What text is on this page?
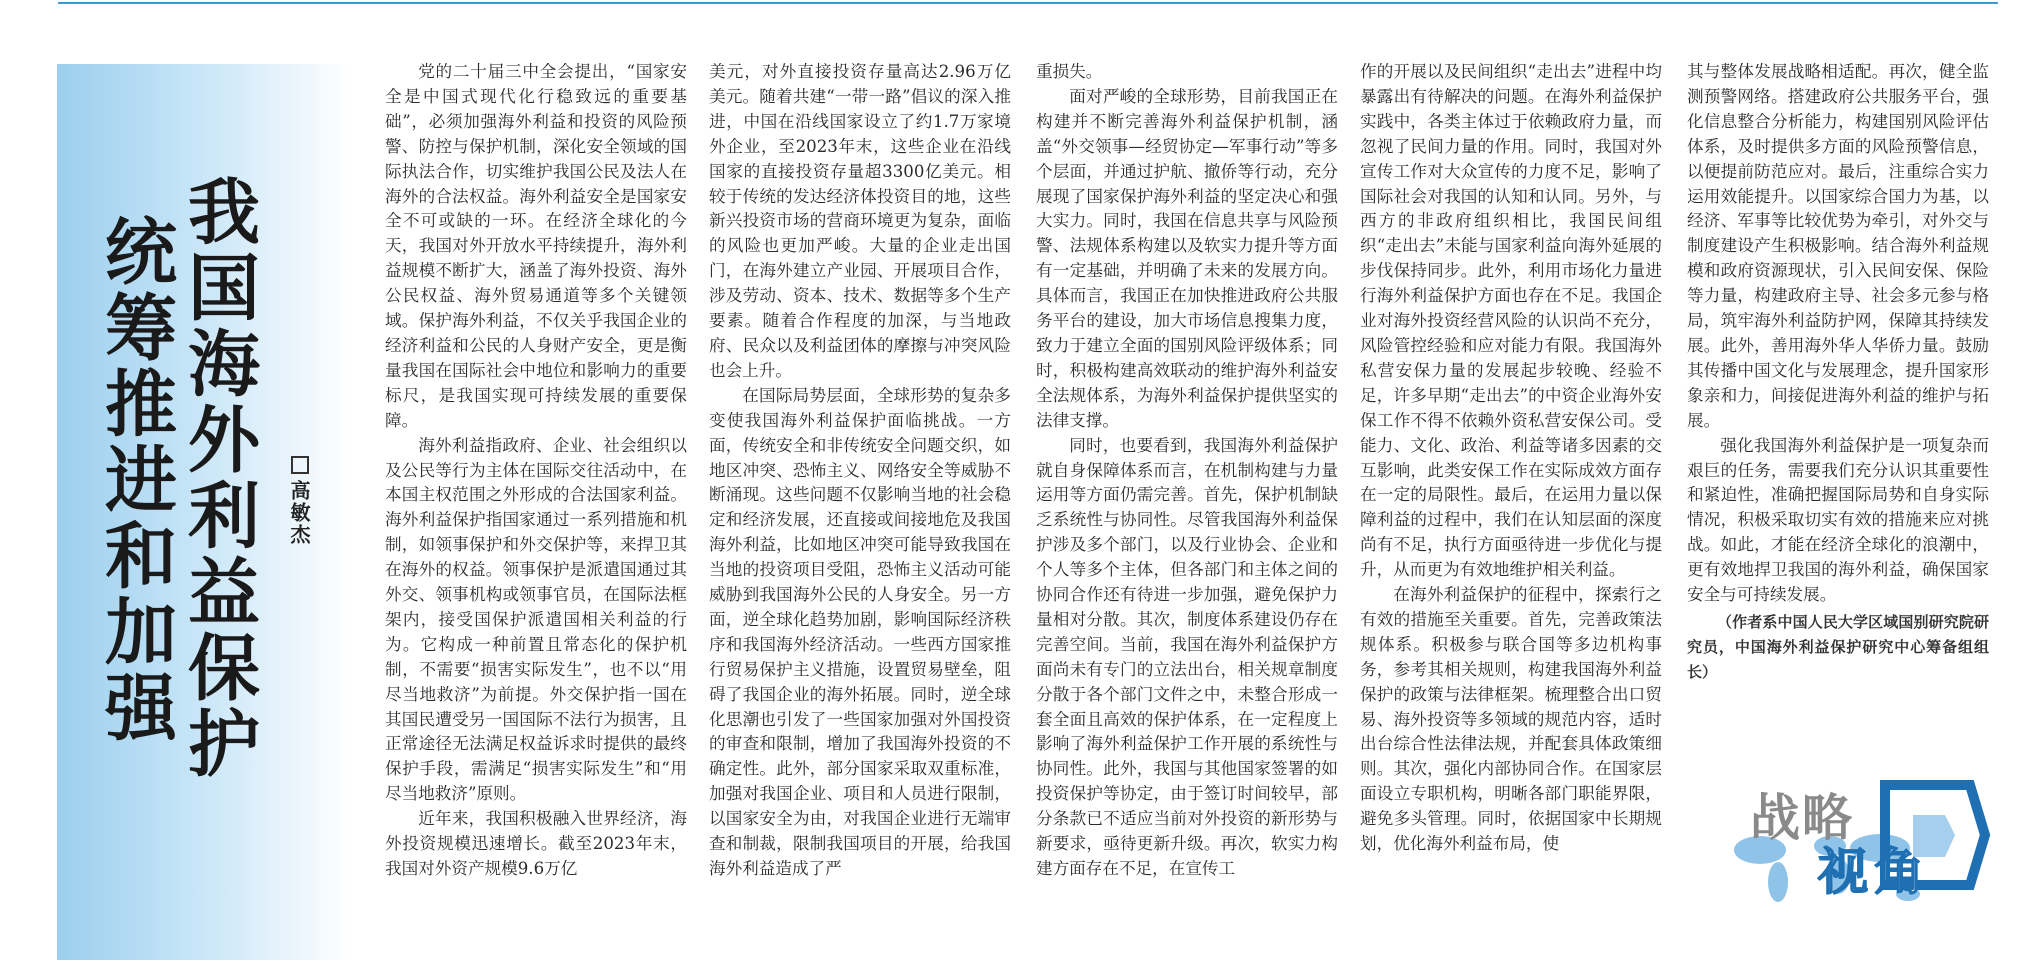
我国海外利益保护
统筹推进和加强	高敏杰

党的二十届三中全会提出，“国家安全是中国式现代化行稳致远的重要基础”，必须加强海外利益和投资的风险预警、防控与保护机制，深化安全领域的国际执法合作，切实维护我国公民及法人在海外的合法权益。海外利益安全是国家安全不可或缺的一环。在经济全球化的今天，我国对外开放水平持续提升，海外利益规模不断扩大，涵盖了海外投资、海外公民权益、海外贸易通道等多个关键领域。保护海外利益，不仅关乎我国企业的经济利益和公民的人身财产安全，更是衡量我国在国际社会中地位和影响力的重要标尺，是我国实现可持续发展的重要保障。

海外利益指政府、企业、社会组织以及公民等行为主体在国际交往活动中，在本国主权范围之外形成的合法国家利益。海外利益保护指国家通过一系列措施和机制，如领事保护和外交保护等，来捍卫其在海外的权益。领事保护是派遣国通过其外交、领事机构或领事官员，在国际法框架内，接受国保护派遣国相关利益的行为。它构成一种前置且常态化的保护机制，不需要“损害实际发生”，也不以“用尽当地救济”为前提。外交保护指一国在其国民遭受另一国国际不法行为损害，且正常途径无法满足权益诉求时提供的最终保护手段，需满足“损害实际发生”和“用尽当地救济”原则。

近年来，我国积极融入世界经济，海外投资规模迅速增长。截至2023年末，我国对外资产规模9.6万亿

美元，对外直接投资存量高达2.96万亿美元。随着共建“一带一路”倡议的深入推进，中国在沿线国家设立了约1.7万家境外企业，至2023年末，这些企业在沿线国家的直接投资存量超3300亿美元。相较于传统的发达经济体投资目的地，这些新兴投资市场的营商环境更为复杂，面临的风险也更加严峻。大量的企业走出国门，在海外建立产业园、开展项目合作，涉及劳动、资本、技术、数据等多个生产要素。随着合作程度的加深，与当地政府、民众以及利益团体的摩擦与冲突风险也会上升。

在国际局势层面，全球形势的复杂多变使我国海外利益保护面临挑战。一方面，传统安全和非传统安全问题交织，如地区冲突、恐怖主义、网络安全等威胁不断涌现。这些问题不仅影响当地的社会稳定和经济发展，还直接或间接地危及我国海外利益，比如地区冲突可能导致我国在当地的投资项目受阻，恐怖主义活动可能威胁到我国海外公民的人身安全。另一方面，逆全球化趋势加剧，影响国际经济秩序和我国海外经济活动。一些西方国家推行贸易保护主义措施，设置贸易壁垒，阻碍了我国企业的海外拓展。同时，逆全球化思潮也引发了一些国家加强对外国投资的审查和限制，增加了我国海外投资的不确定性。此外，部分国家采取双重标准，加强对我国企业、项目和人员进行限制，以国家安全为由，对我国企业进行无端审查和制裁，限制我国项目的开展，给我国海外利益造成了严

重损失。

面对严峻的全球形势，目前我国正在构建并不断完善海外利益保护机制，涵盖“外交领事—经贸协定—军事行动”等多个层面，并通过护航、撤侨等行动，充分展现了国家保护海外利益的坚定决心和强大实力。同时，我国在信息共享与风险预警、法规体系构建以及软实力提升等方面有一定基础，并明确了未来的发展方向。具体而言，我国正在加快推进政府公共服务平台的建设，加大市场信息搜集力度，致力于建立全面的国别风险评级体系；同时，积极构建高效联动的维护海外利益安全法规体系，为海外利益保护提供坚实的法律支撑。

同时，也要看到，我国海外利益保护就自身保障体系而言，在机制构建与力量运用等方面仍需完善。首先，保护机制缺乏系统性与协同性。尽管我国海外利益保护涉及多个部门，以及行业协会、企业和个人等多个主体，但各部门和主体之间的协同合作还有待进一步加强，避免保护力量相对分散。其次，制度体系建设仍存在完善空间。当前，我国在海外利益保护方面尚未有专门的立法出台，相关规章制度分散于各个部门文件之中，未整合形成一套全面且高效的保护体系，在一定程度上影响了海外利益保护工作开展的系统性与协同性。此外，我国与其他国家签署的如投资保护等协定，由于签订时间较早，部分条款已不适应当前对外投资的新形势与新要求，亟待更新升级。再次，软实力构建方面存在不足，在宣传工

作的开展以及民间组织“走出去”进程中均暴露出有待解决的问题。在海外利益保护实践中，各类主体过于依赖政府力量，而忽视了民间力量的作用。同时，我国对外宣传工作对大众宣传的力度不足，影响了国际社会对我国的认知和认同。另外，与西方的非政府组织相比，我国民间组织“走出去”未能与国家利益向海外延展的步伐保持同步。此外，利用市场化力量进行海外利益保护方面也存在不足。我国企业对海外投资经营风险的认识尚不充分，风险管控经验和应对能力有限。我国海外私营安保力量的发展起步较晚、经验不足，许多早期“走出去”的中资企业海外安保工作不得不依赖外资私营安保公司。受能力、文化、政治、利益等诸多因素的交互影响，此类安保工作在实际成效方面存在一定的局限性。最后，在运用力量以保障利益的过程中，我们在认知层面的深度尚有不足，执行方面亟待进一步优化与提升，从而更为有效地维护相关利益。

在海外利益保护的征程中，探索行之有效的措施至关重要。首先，完善政策法规体系。积极参与联合国等多边机构事务，参考其相关规则，构建我国海外利益保护的政策与法律框架。梳理整合出口贸易、海外投资等多领域的规范内容，适时出台综合性法律法规，并配套具体政策细则。其次，强化内部协同合作。在国家层面设立专职机构，明晰各部门职能界限，避免多头管理。同时，依据国家中长期规划，优化海外利益布局，使

其与整体发展战略相适配。再次，健全监测预警网络。搭建政府公共服务平台，强化信息整合分析能力，构建国别风险评估体系，及时提供多方面的风险预警信息，以便提前防范应对。最后，注重综合实力运用效能提升。以国家综合国力为基，以经济、军事等比较优势为牵引，对外交与制度建设产生积极影响。结合海外利益规模和政府资源现状，引入民间安保、保险等力量，构建政府主导、社会多元参与格局，筑牢海外利益防护网，保障其持续发展。此外，善用海外华人华侨力量。鼓励其传播中国文化与发展理念，提升国家形象亲和力，间接促进海外利益的维护与拓展。

强化我国海外利益保护是一项复杂而艰巨的任务，需要我们充分认识其重要性和紧迫性，准确把握国际局势和自身实际情况，积极采取切实有效的措施来应对挑战。如此，才能在经济全球化的浪潮中，更有效地捍卫我国的海外利益，确保国家安全与可持续发展。

（作者系中国人民大学区域国别研究院研究员，中国海外利益保护研究中心筹备组组长）

战略
视角
